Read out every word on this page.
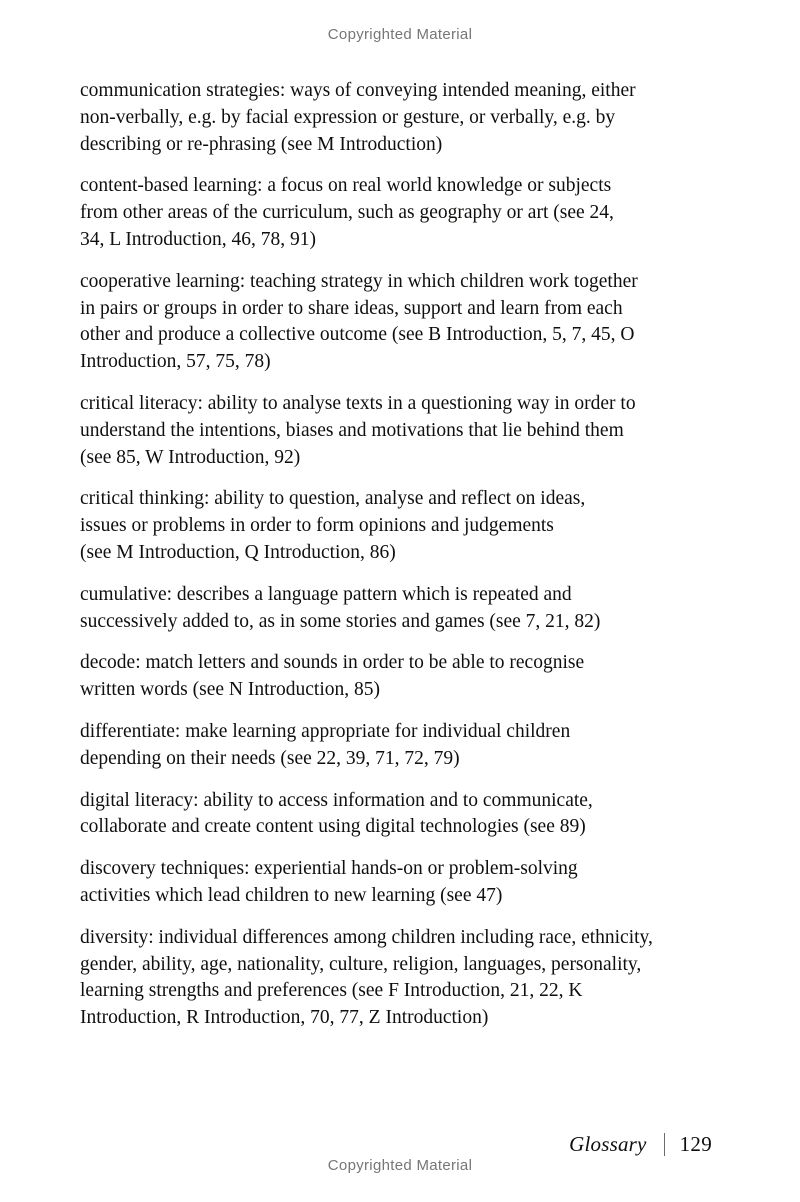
Copyrighted Material

communication strategies: ways of conveying intended meaning, either
non-verbally, e.g. by facial expression or gesture, or verbally, e.g. by
describing or re-phrasing (see M Introduction)

content-based learning: a focus on real world knowledge or subjects
from other areas of the curriculum, such as geography or art (see 24,
34, L Introduction, 46, 78, 91)

cooperative learning: teaching strategy in which children work together
in pairs or groups in order to share ideas, support and learn from each
other and produce a collective outcome (see B Introduction, 5, 7, 45, O
Introduction, 57, 75, 78)

critical literacy: ability to analyse texts in a questioning way in order to
understand the intentions, biases and motivations that lie behind them
(see 85, W Introduction, 92)

critical thinking: ability to question, analyse and reflect on ideas,
issues or problems in order to form opinions and judgements
(see M Introduction, Q Introduction, 86)

cumulative: describes a language pattern which is repeated and
successively added to, as in some stories and games (see 7, 21, 82)

decode: match letters and sounds in order to be able to recognise
written words (see N Introduction, 85)

differentiate: make learning appropriate for individual children
depending on their needs (see 22, 39, 71, 72, 79)

digital literacy: ability to access information and to communicate,
collaborate and create content using digital technologies (see 89)

discovery techniques: experiential hands-on or problem-solving
activities which lead children to new learning (see 47)

diversity: individual differences among children including race, ethnicity,
gender, ability, age, nationality, culture, religion, languages, personality,
learning strengths and preferences (see F Introduction, 21, 22, K
Introduction, R Introduction, 70, 77, Z Introduction)

Glossary 129
Copyrighted Material
